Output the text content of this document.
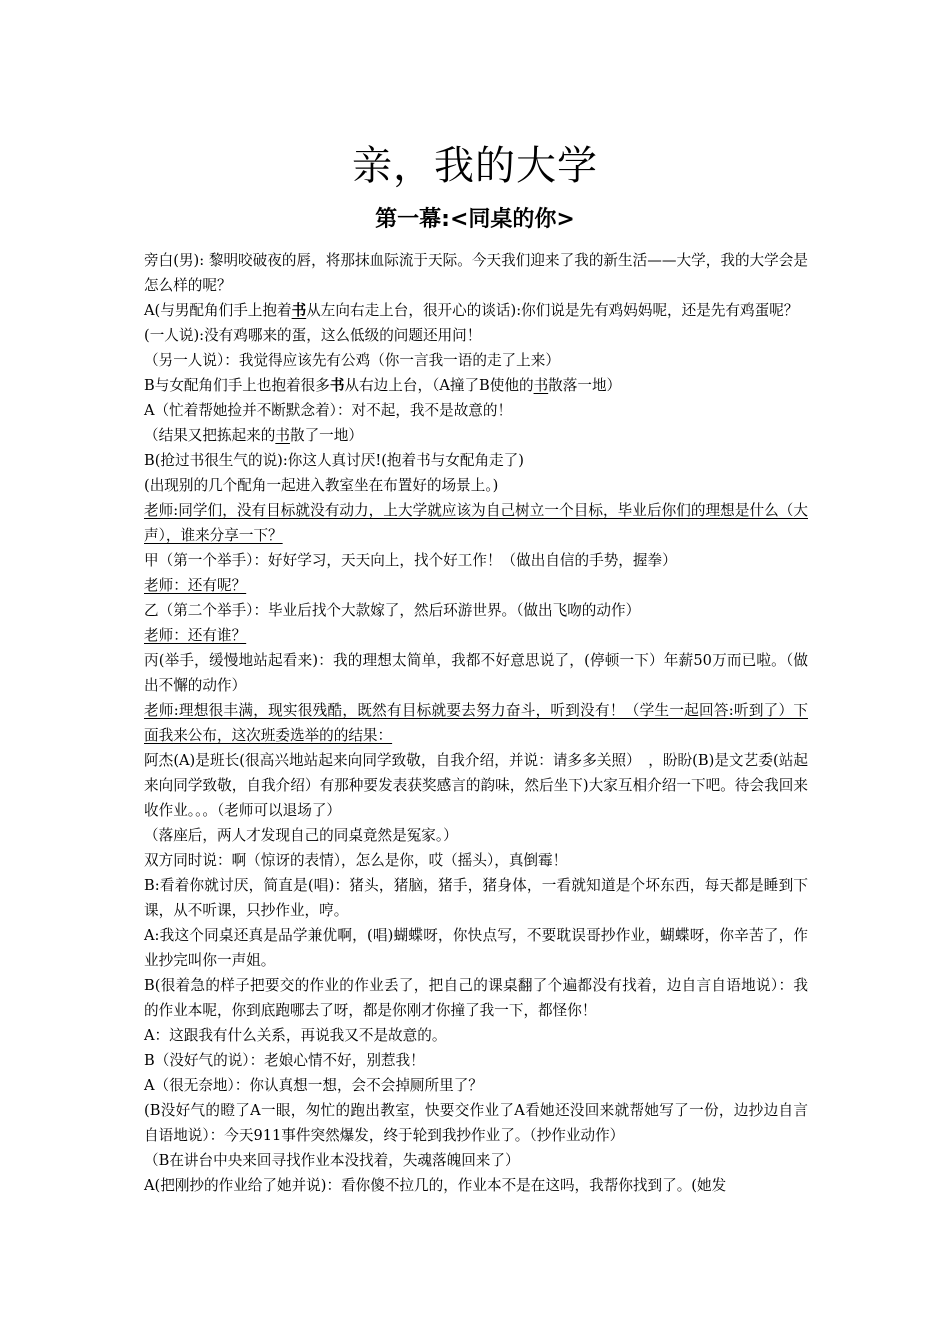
亲，我的大学
第一幕:<同桌的你>
旁白(男): 黎明咬破夜的唇，将那抹血际流于天际。今天我们迎来了我的新生活——大学，我的大学会是怎么样的呢？
A(与男配角们手上抱着书从左向右走上台，很开心的谈话):你们说是先有鸡妈妈呢，还是先有鸡蛋呢？
(一人说):没有鸡哪来的蛋，这么低级的问题还用问！
（另一人说）：我觉得应该先有公鸡（你一言我一语的走了上来）
B与女配角们手上也抱着很多书从右边上台，（A撞了B使他的书散落一地）
A（忙着帮她捡并不断默念着）：对不起，我不是故意的！
（结果又把拣起来的书散了一地）
B(抢过书很生气的说):你这人真讨厌!(抱着书与女配角走了)
(出现别的几个配角一起进入教室坐在布置好的场景上。)
老师:同学们，没有目标就没有动力，上大学就应该为自己树立一个目标，毕业后你们的理想是什么（大声），谁来分享一下？
甲（第一个举手）：好好学习，天天向上，找个好工作！（做出自信的手势，握拳）
老师：还有呢？
乙（第二个举手）：毕业后找个大款嫁了，然后环游世界。（做出飞吻的动作）
老师：还有谁？
丙(举手，缓慢地站起看来)：我的理想太简单，我都不好意思说了，(停顿一下）年薪50万而已啦。（做出不懈的动作）
老师:理想很丰满，现实很残酷，既然有目标就要去努力奋斗，听到没有！（学生一起回答:听到了）下面我来公布，这次班委选举的的结果：
阿杰(A)是班长(很高兴地站起来向同学致敬，自我介绍，并说：请多多关照）　，盼盼(B)是文艺委(站起来向同学致敬，自我介绍）有那种要发表获奖感言的韵味，然后坐下)大家互相介绍一下吧。待会我回来收作业。。。（老师可以退场了）
（落座后，两人才发现自己的同桌竟然是冤家。）
双方同时说：啊（惊讶的表情），怎么是你，哎（摇头），真倒霉！
B:看着你就讨厌，简直是(唱)：猪头，猪脑，猪手，猪身体，一看就知道是个坏东西，每天都是睡到下课，从不听课，只抄作业，哼。
A:我这个同桌还真是品学兼优啊，(唱)蝴蝶呀，你快点写，不要耽误哥抄作业，蝴蝶呀，你辛苦了，作业抄完叫你一声姐。
B(很着急的样子把要交的作业的作业丢了，把自己的课桌翻了个遍都没有找着，边自言自语地说）：我的作业本呢，你到底跑哪去了呀，都是你刚才你撞了我一下，都怪你！
A：这跟我有什么关系，再说我又不是故意的。
B（没好气的说）：老娘心情不好，别惹我！
A（很无奈地）：你认真想一想，会不会掉厕所里了？
(B没好气的瞪了A一眼，匆忙的跑出教室，快要交作业了A看她还没回来就帮她写了一份，边抄边自言自语地说）：今天911事件突然爆发，终于轮到我抄作业了。（抄作业动作）
（B在讲台中央来回寻找作业本没找着，失魂落魄回来了）
A(把刚抄的作业给了她并说)：看你傻不拉几的，作业本不是在这吗，我帮你找到了。(她发
